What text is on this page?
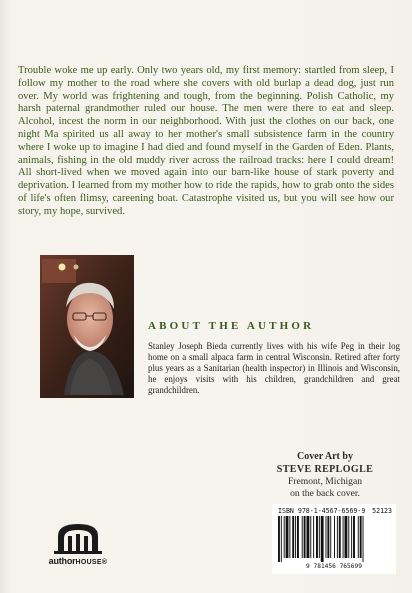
Trouble woke me up early. Only two years old, my first memory: startled from sleep, I follow my mother to the road where she covers with old burlap a dead dog, just run over. My world was frightening and tough, from the beginning. Polish Catholic, my harsh paternal grandmother ruled our house. The men were there to eat and sleep. Alcohol, incest the norm in our neighborhood. With just the clothes on our back, one night Ma spirited us all away to her mother's small subsistence farm in the country where I woke up to imagine I had died and found myself in the Garden of Eden. Plants, animals, fishing in the old muddy river across the railroad tracks: here I could dream! All short-lived when we moved again into our barn-like house of stark poverty and deprivation. I learned from my mother how to ride the rapids, how to grab onto the sides of life's often flimsy, careening boat. Catastrophe visited us, but you will see how our story, my hope, survived.

ABOUT THE AUTHOR

Stanley Joseph Bieda currently lives with his wife Peg in their log home on a small alpaca farm in central Wisconsin. Retired after forty plus years as a Sanitarian (health inspector) in Illinois and Wisconsin, he enjoys visits with his children, grandchildren and great grandchildren.

Cover Art by
STEVE REPLOGLE
Fremont, Michigan
on the back cover.
ISBN 978-1-4567-6569-9 52123
9 781456 765699
authorHOUSE®
